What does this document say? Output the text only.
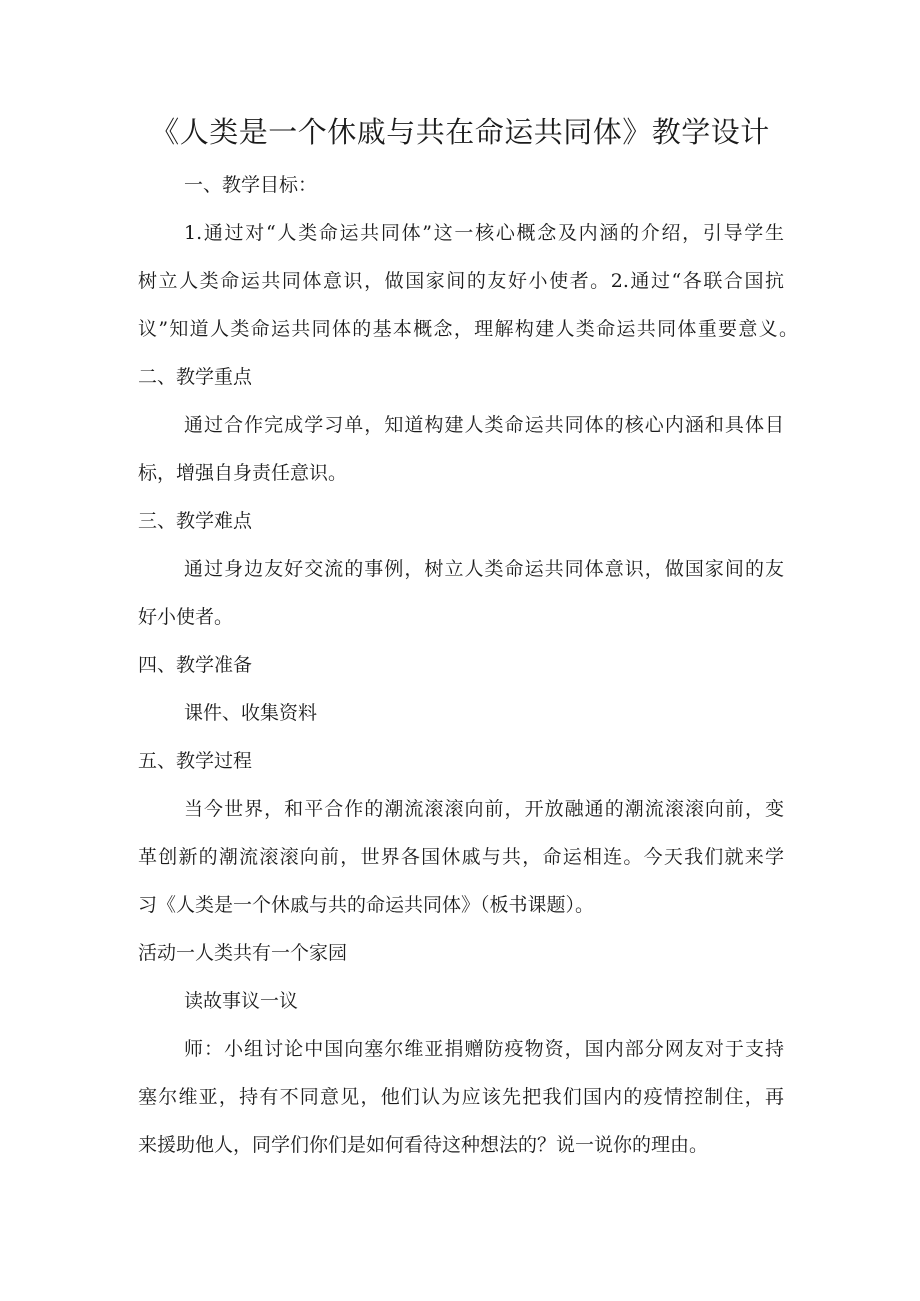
《人类是一个休戚与共在命运共同体》教学设计
一、教学目标：
1.通过对“人类命运共同体”这一核心概念及内涵的介绍，引导学生
树立人类命运共同体意识，做国家间的友好小使者。2.通过“各联合国抗
议”知道人类命运共同体的基本概念，理解构建人类命运共同体重要意义。
二、教学重点
通过合作完成学习单，知道构建人类命运共同体的核心内涵和具体目
标，增强自身责任意识。
三、教学难点
通过身边友好交流的事例，树立人类命运共同体意识，做国家间的友
好小使者。
四、教学准备
课件、收集资料
五、教学过程
当今世界，和平合作的潮流滚滚向前，开放融通的潮流滚滚向前，变
革创新的潮流滚滚向前，世界各国休戚与共，命运相连。今天我们就来学
习《人类是一个休戚与共的命运共同体》（板书课题）。
活动一人类共有一个家园
读故事议一议
师：小组讨论中国向塞尔维亚捐赠防疫物资，国内部分网友对于支持
塞尔维亚，持有不同意见，他们认为应该先把我们国内的疫情控制住，再
来援助他人，同学们你们是如何看待这种想法的？说一说你的理由。
